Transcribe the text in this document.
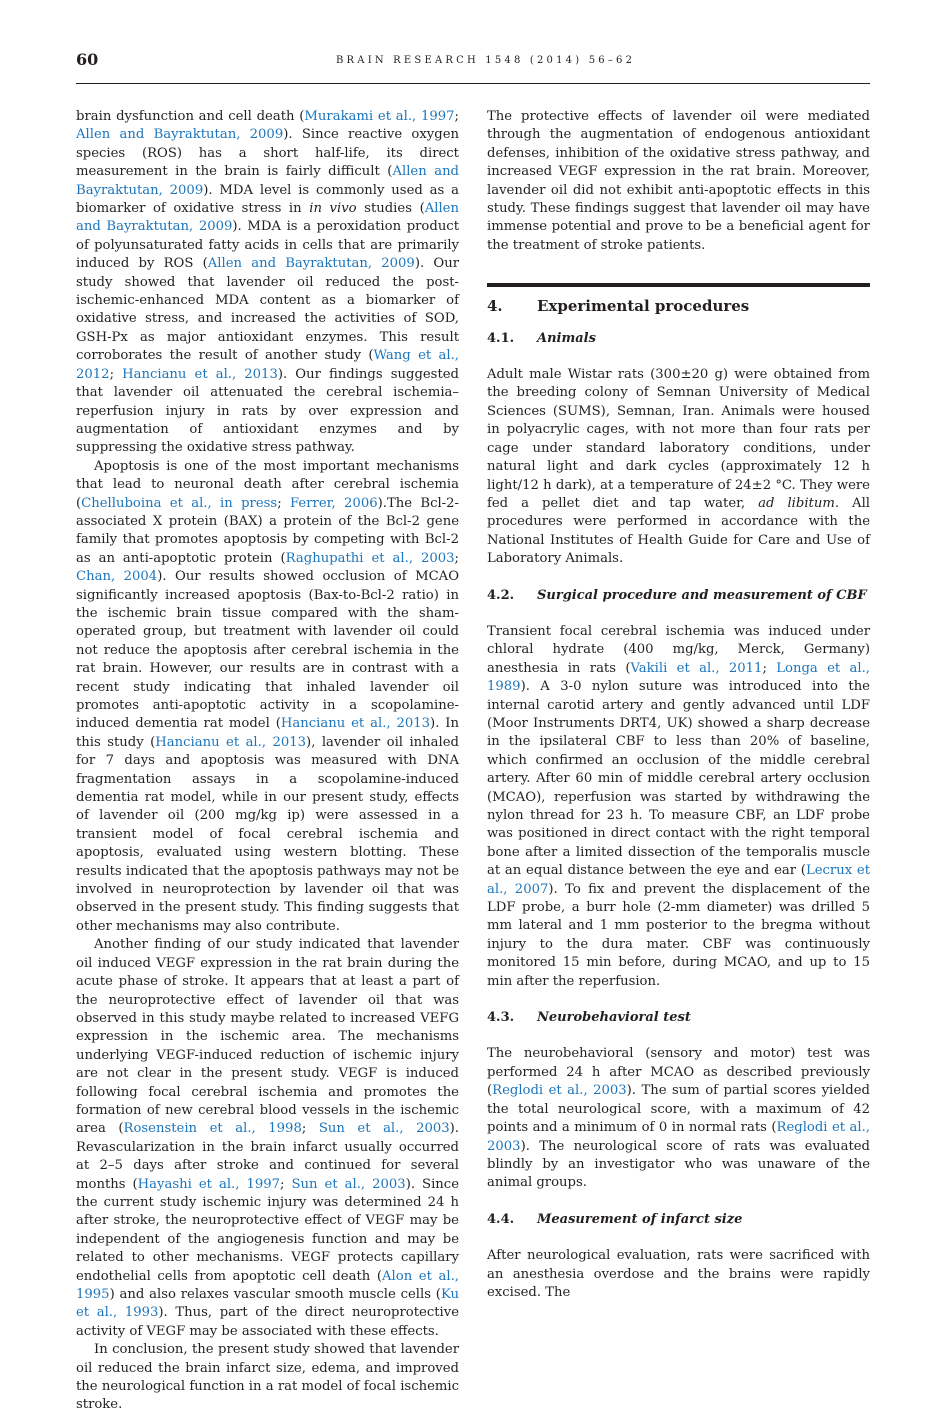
60	BRAIN RESEARCH 1548 (2014) 56–62

brain dysfunction and cell death (Murakami et al., 1997; Allen and Bayraktutan, 2009). Since reactive oxygen species (ROS) has a short half-life, its direct measurement in the brain is fairly difficult (Allen and Bayraktutan, 2009). MDA level is commonly used as a biomarker of oxidative stress in in vivo studies (Allen and Bayraktutan, 2009). MDA is a peroxidation product of polyunsaturated fatty acids in cells that are primarily induced by ROS (Allen and Bayraktutan, 2009). Our study showed that lavender oil reduced the post-ischemic-enhanced MDA content as a biomarker of oxidative stress, and increased the activities of SOD, GSH-Px as major antioxidant enzymes. This result corroborates the result of another study (Wang et al., 2012; Hancianu et al., 2013). Our findings suggested that lavender oil attenuated the cerebral ischemia–reperfusion injury in rats by over expression and augmentation of antioxidant enzymes and by suppressing the oxidative stress pathway.

Apoptosis is one of the most important mechanisms that lead to neuronal death after cerebral ischemia (Chelluboina et al., in press; Ferrer, 2006).The Bcl-2-associated X protein (BAX) a protein of the Bcl-2 gene family that promotes apoptosis by competing with Bcl-2 as an anti-apoptotic protein (Raghupathi et al., 2003; Chan, 2004). Our results showed occlusion of MCAO significantly increased apoptosis (Bax-to-Bcl-2 ratio) in the ischemic brain tissue compared with the sham-operated group, but treatment with lavender oil could not reduce the apoptosis after cerebral ischemia in the rat brain. However, our results are in contrast with a recent study indicating that inhaled lavender oil promotes anti-apoptotic activity in a scopolamine-induced dementia rat model (Hancianu et al., 2013). In this study (Hancianu et al., 2013), lavender oil inhaled for 7 days and apoptosis was measured with DNA fragmentation assays in a scopolamine-induced dementia rat model, while in our present study, effects of lavender oil (200 mg/kg ip) were assessed in a transient model of focal cerebral ischemia and apoptosis, evaluated using western blotting. These results indicated that the apoptosis pathways may not be involved in neuroprotection by lavender oil that was observed in the present study. This finding suggests that other mechanisms may also contribute.

Another finding of our study indicated that lavender oil induced VEGF expression in the rat brain during the acute phase of stroke. It appears that at least a part of the neuroprotective effect of lavender oil that was observed in this study maybe related to increased VEFG expression in the ischemic area. The mechanisms underlying VEGF-induced reduction of ischemic injury are not clear in the present study. VEGF is induced following focal cerebral ischemia and promotes the formation of new cerebral blood vessels in the ischemic area (Rosenstein et al., 1998; Sun et al., 2003). Revascularization in the brain infarct usually occurred at 2–5 days after stroke and continued for several months (Hayashi et al., 1997; Sun et al., 2003). Since the current study ischemic injury was determined 24 h after stroke, the neuroprotective effect of VEGF may be independent of the angiogenesis function and may be related to other mechanisms. VEGF protects capillary endothelial cells from apoptotic cell death (Alon et al., 1995) and also relaxes vascular smooth muscle cells (Ku et al., 1993). Thus, part of the direct neuroprotective activity of VEGF may be associated with these effects.

In conclusion, the present study showed that lavender oil reduced the brain infarct size, edema, and improved the neurological function in a rat model of focal ischemic stroke.

The protective effects of lavender oil were mediated through the augmentation of endogenous antioxidant defenses, inhibition of the oxidative stress pathway, and increased VEGF expression in the rat brain. Moreover, lavender oil did not exhibit anti-apoptotic effects in this study. These findings suggest that lavender oil may have immense potential and prove to be a beneficial agent for the treatment of stroke patients.

4.	Experimental procedures
4.1.	Animals

Adult male Wistar rats (300±20 g) were obtained from the breeding colony of Semnan University of Medical Sciences (SUMS), Semnan, Iran. Animals were housed in polyacrylic cages, with not more than four rats per cage under standard laboratory conditions, under natural light and dark cycles (approximately 12 h light/12 h dark), at a temperature of 24±2 °C. They were fed a pellet diet and tap water, ad libitum. All procedures were performed in accordance with the National Institutes of Health Guide for Care and Use of Laboratory Animals.

4.2.	Surgical procedure and measurement of CBF

Transient focal cerebral ischemia was induced under chloral hydrate (400 mg/kg, Merck, Germany) anesthesia in rats (Vakili et al., 2011; Longa et al., 1989). A 3-0 nylon suture was introduced into the internal carotid artery and gently advanced until LDF (Moor Instruments DRT4, UK) showed a sharp decrease in the ipsilateral CBF to less than 20% of baseline, which confirmed an occlusion of the middle cerebral artery. After 60 min of middle cerebral artery occlusion (MCAO), reperfusion was started by withdrawing the nylon thread for 23 h. To measure CBF, an LDF probe was positioned in direct contact with the right temporal bone after a limited dissection of the temporalis muscle at an equal distance between the eye and ear (Lecrux et al., 2007). To fix and prevent the displacement of the LDF probe, a burr hole (2-mm diameter) was drilled 5 mm lateral and 1 mm posterior to the bregma without injury to the dura mater. CBF was continuously monitored 15 min before, during MCAO, and up to 15 min after the reperfusion.

4.3.	Neurobehavioral test

The neurobehavioral (sensory and motor) test was performed 24 h after MCAO as described previously (Reglodi et al., 2003). The sum of partial scores yielded the total neurological score, with a maximum of 42 points and a minimum of 0 in normal rats (Reglodi et al., 2003). The neurological score of rats was evaluated blindly by an investigator who was unaware of the animal groups.

4.4.	Measurement of infarct size

After neurological evaluation, rats were sacrificed with an anesthesia overdose and the brains were rapidly excised. The
